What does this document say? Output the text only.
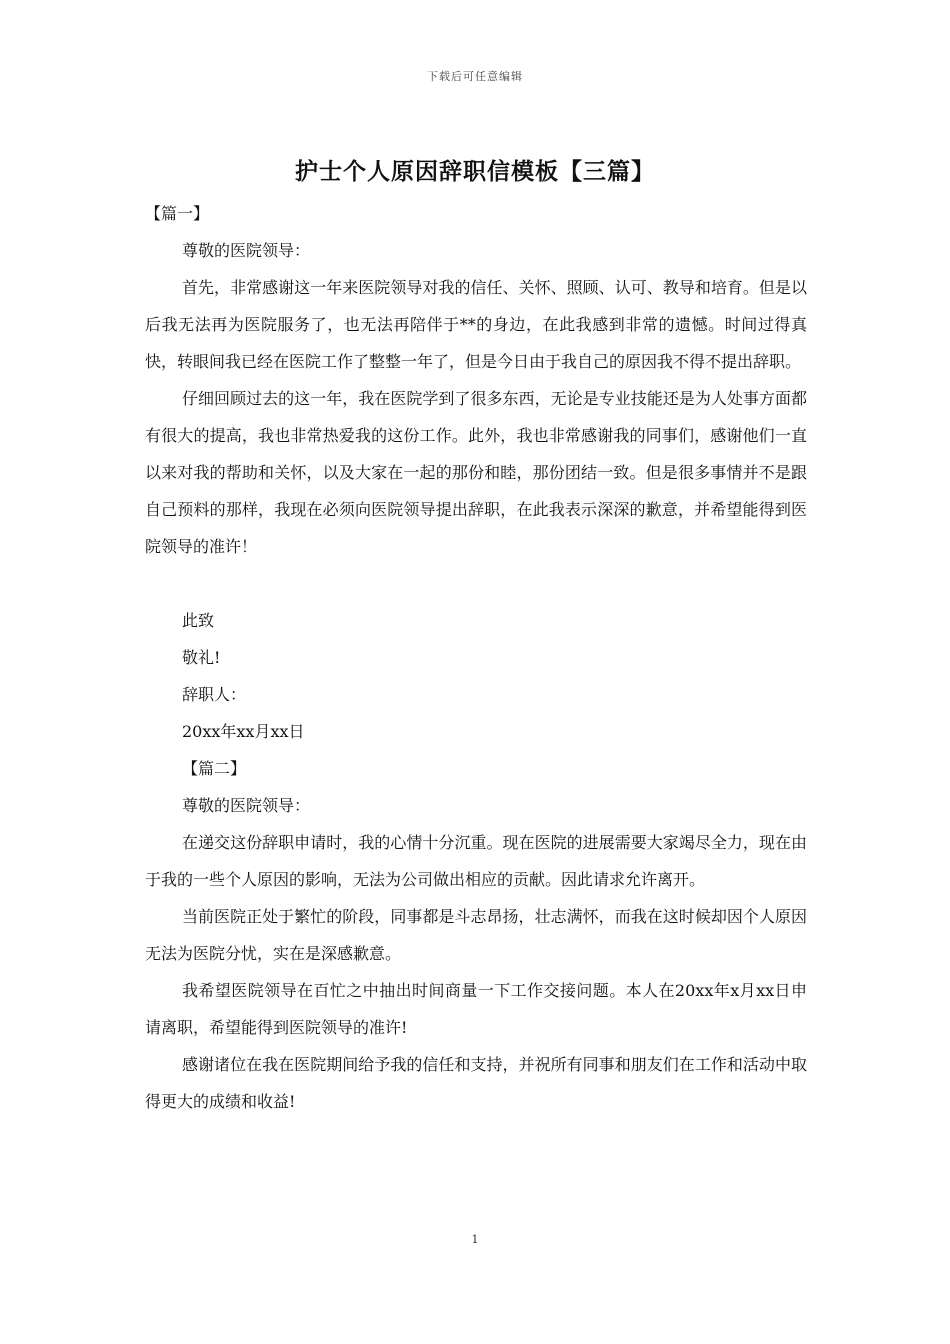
下载后可任意编辑
护士个人原因辞职信模板【三篇】

【篇一】

尊敬的医院领导：

首先，非常感谢这一年来医院领导对我的信任、关怀、照顾、认可、教导和培育。但是以后我无法再为医院服务了，也无法再陪伴于**的身边，在此我感到非常的遗憾。时间过得真快，转眼间我已经在医院工作了整整一年了，但是今日由于我自己的原因我不得不提出辞职。

仔细回顾过去的这一年，我在医院学到了很多东西，无论是专业技能还是为人处事方面都有很大的提高，我也非常热爱我的这份工作。此外，我也非常感谢我的同事们，感谢他们一直以来对我的帮助和关怀，以及大家在一起的那份和睦，那份团结一致。但是很多事情并不是跟自己预料的那样，我现在必须向医院领导提出辞职，在此我表示深深的歉意，并希望能得到医院领导的准许！

此致

敬礼!

辞职人：

20xx年xx月xx日

【篇二】

尊敬的医院领导：

在递交这份辞职申请时，我的心情十分沉重。现在医院的进展需要大家竭尽全力，现在由于我的一些个人原因的影响，无法为公司做出相应的贡献。因此请求允许离开。

当前医院正处于繁忙的阶段，同事都是斗志昂扬，壮志满怀，而我在这时候却因个人原因无法为医院分忧，实在是深感歉意。

我希望医院领导在百忙之中抽出时间商量一下工作交接问题。本人在20xx年x月xx日申请离职，希望能得到医院领导的准许!

感谢诸位在我在医院期间给予我的信任和支持，并祝所有同事和朋友们在工作和活动中取得更大的成绩和收益!

1
